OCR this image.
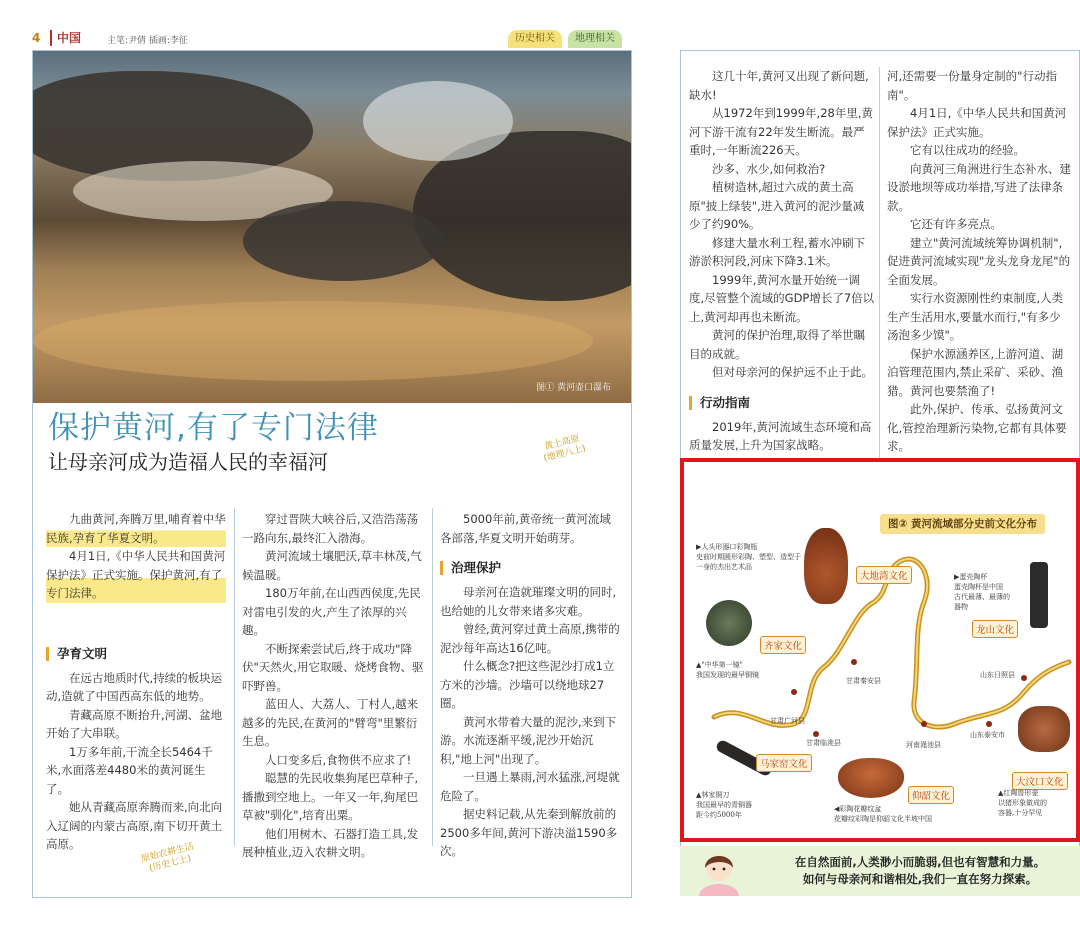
4	中国	主笔:尹倩 插画:李征	历史相关	地理相关
图① 黄河壶口瀑布
保护黄河,有了专门法律
让母亲河成为造福人民的幸福河
黄土高原
(地理八上)

九曲黄河,奔腾万里,哺育着中华民族,孕育了华夏文明。

4月1日,《中华人民共和国黄河保护法》正式实施。保护黄河,有了专门法律。

孕育文明

在远古地质时代,持续的板块运动,造就了中国西高东低的地势。

青藏高原不断抬升,河湖、盆地开始了大串联。

1万多年前,干流全长5464千米,水面落差4480米的黄河诞生了。

她从青藏高原奔腾而来,向北向入辽阔的内蒙古高原,南下切开黄土高原。

穿过晋陕大峡谷后,又浩浩荡荡一路向东,最终汇入渤海。

黄河流域土壤肥沃,草丰林茂,气候温暖。

180万年前,在山西西侯度,先民对雷电引发的火,产生了浓厚的兴趣。

不断探索尝试后,终于成功"降伏"天然火,用它取暖、烧烤食物、驱吓野兽。

蓝田人、大荔人、丁村人,越来越多的先民,在黄河的"臂弯"里繁衍生息。

人口变多后,食物供不应求了!

聪慧的先民收集狗尾巴草种子,播撒到空地上。一年又一年,狗尾巴草被"驯化",培育出粟。

他们用树木、石器打造工具,发展种植业,迈入农耕文明。

5000年前,黄帝统一黄河流域各部落,华夏文明开始萌芽。

治理保护

母亲河在造就璀璨文明的同时,也给她的儿女带来诸多灾难。

曾经,黄河穿过黄土高原,携带的泥沙每年高达16亿吨。

什么概念?把这些泥沙打成1立方米的沙墙。沙墙可以绕地球27圈。

黄河水带着大量的泥沙,来到下游。水流逐渐平缓,泥沙开始沉积,"地上河"出现了。

一旦遇上暴雨,河水猛涨,河堤就危险了。

据史料记载,从先秦到解放前的2500多年间,黄河下游决溢1590多次。

原始农耕生活
(历史七上)

这几十年,黄河又出现了新问题,缺水!

从1972年到1999年,28年里,黄河下游干流有22年发生断流。最严重时,一年断流226天。

沙多、水少,如何救治?

植树造林,超过六成的黄土高原"披上绿装",进入黄河的泥沙量减少了约90%。

修建大量水利工程,蓄水冲刷下游淤积河段,河床下降3.1米。

1999年,黄河水量开始统一调度,尽管整个流域的GDP增长了7倍以上,黄河却再也未断流。

黄河的保护治理,取得了举世瞩目的成就。

但对母亲河的保护远不止于此。

行动指南

2019年,黄河流域生态环境和高质量发展,上升为国家战略。

河,还需要一份量身定制的"行动指南"。

4月1日,《中华人民共和国黄河保护法》正式实施。

它有以往成功的经验。

向黄河三角洲进行生态补水、建设淤地坝等成功举措,写进了法律条款。

它还有许多亮点。

建立"黄河流域统筹协调机制",促进黄河流域实现"龙头龙身龙尾"的全面发展。

实行水资源刚性约束制度,人类生产生活用水,要量水而行,"有多少汤泡多少馍"。

保护水源涵养区,上游河道、湖泊管理范围内,禁止采矿、采砂、渔猎。黄河也要禁渔了!

此外,保护、传承、弘扬黄河文化,管控治理新污染物,它都有具体要求。

图② 黄河流域部分史前文化分布
大地湾文化
齐家文化
龙山文化
马家窑文化
仰韶文化
大汶口文化
甘肃广河县
甘肃秦安县
甘肃临洮县	河南渑池县
山东日照县
山东泰安市
▶人头形器口彩陶瓶
史前时期圆形彩陶、塑型、造型于
一身的杰出艺术品
▲"中华第一镜"
我国发现的最早铜镜
▶蛋壳陶杯
蛋壳陶杯是中国
古代最薄、最薄的
器物
▲林家铜刀
我国最早的青铜器
距今约5000年
◀彩陶花瓣纹盆
花瓣纹彩陶是仰韶文化半坡中国
▲红陶兽形壶
以猪形象做成的
容器,十分罕见
在自然面前,人类渺小而脆弱,但也有智慧和力量。
如何与母亲河和谐相处,我们一直在努力探索。
